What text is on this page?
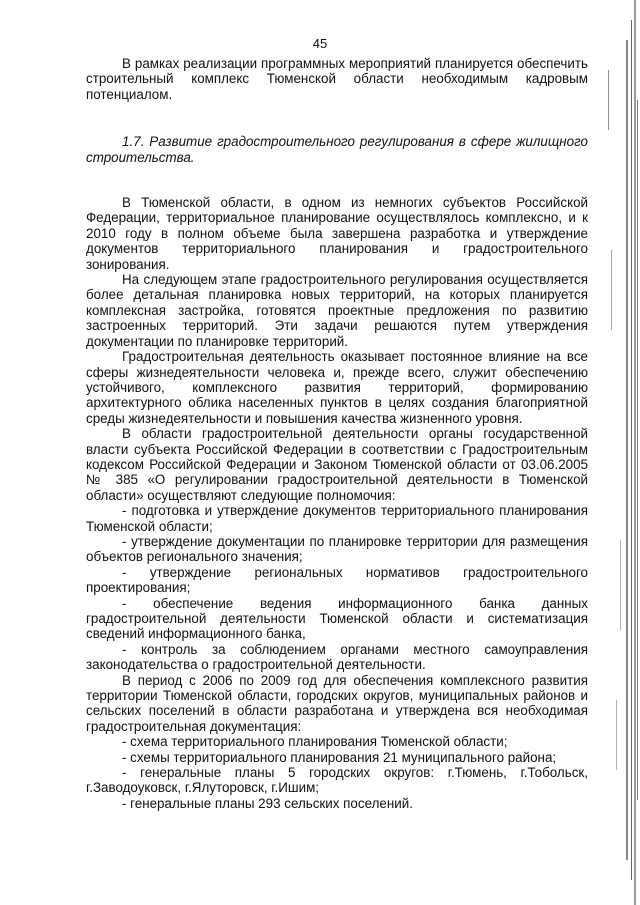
45

В рамках реализации программных мероприятий планируется обеспечить строительный комплекс Тюменской области необходимым кадровым потенциалом.

1.7. Развитие градостроительного регулирования в сфере жилищного строительства.

В Тюменской области, в одном из немногих субъектов Российской Федерации, территориальное планирование осуществлялось комплексно, и к 2010 году в полном объеме была завершена разработка и утверждение документов территориального планирования и градостроительного зонирования.

На следующем этапе градостроительного регулирования осуществляется более детальная планировка новых территорий, на которых планируется комплексная застройка, готовятся проектные предложения по развитию застроенных территорий. Эти задачи решаются путем утверждения документации по планировке территорий.

Градостроительная деятельность оказывает постоянное влияние на все сферы жизнедеятельности человека и, прежде всего, служит обеспечению устойчивого, комплексного развития территорий, формированию архитектурного облика населенных пунктов в целях создания благоприятной среды жизнедеятельности и повышения качества жизненного уровня.

В области градостроительной деятельности органы государственной власти субъекта Российской Федерации в соответствии с Градостроительным кодексом Российской Федерации и Законом Тюменской области от 03.06.2005 № 385 «О регулировании градостроительной деятельности в Тюменской области» осуществляют следующие полномочия:

- подготовка и утверждение документов территориального планирования Тюменской области;

- утверждение документации по планировке территории для размещения объектов регионального значения;

- утверждение региональных нормативов градостроительного проектирования;

- обеспечение ведения информационного банка данных градостроительной деятельности Тюменской области и систематизация сведений информационного банка,

- контроль за соблюдением органами местного самоуправления законодательства о градостроительной деятельности.

В период с 2006 по 2009 год для обеспечения комплексного развития территории Тюменской области, городских округов, муниципальных районов и сельских поселений в области разработана и утверждена вся необходимая градостроительная документация:

- схема территориального планирования Тюменской области;

- схемы территориального планирования 21 муниципального района;

- генеральные планы 5 городских округов: г.Тюмень, г.Тобольск, г.Заводоуковск, г.Ялуторовск, г.Ишим;

- генеральные планы 293 сельских поселений.
